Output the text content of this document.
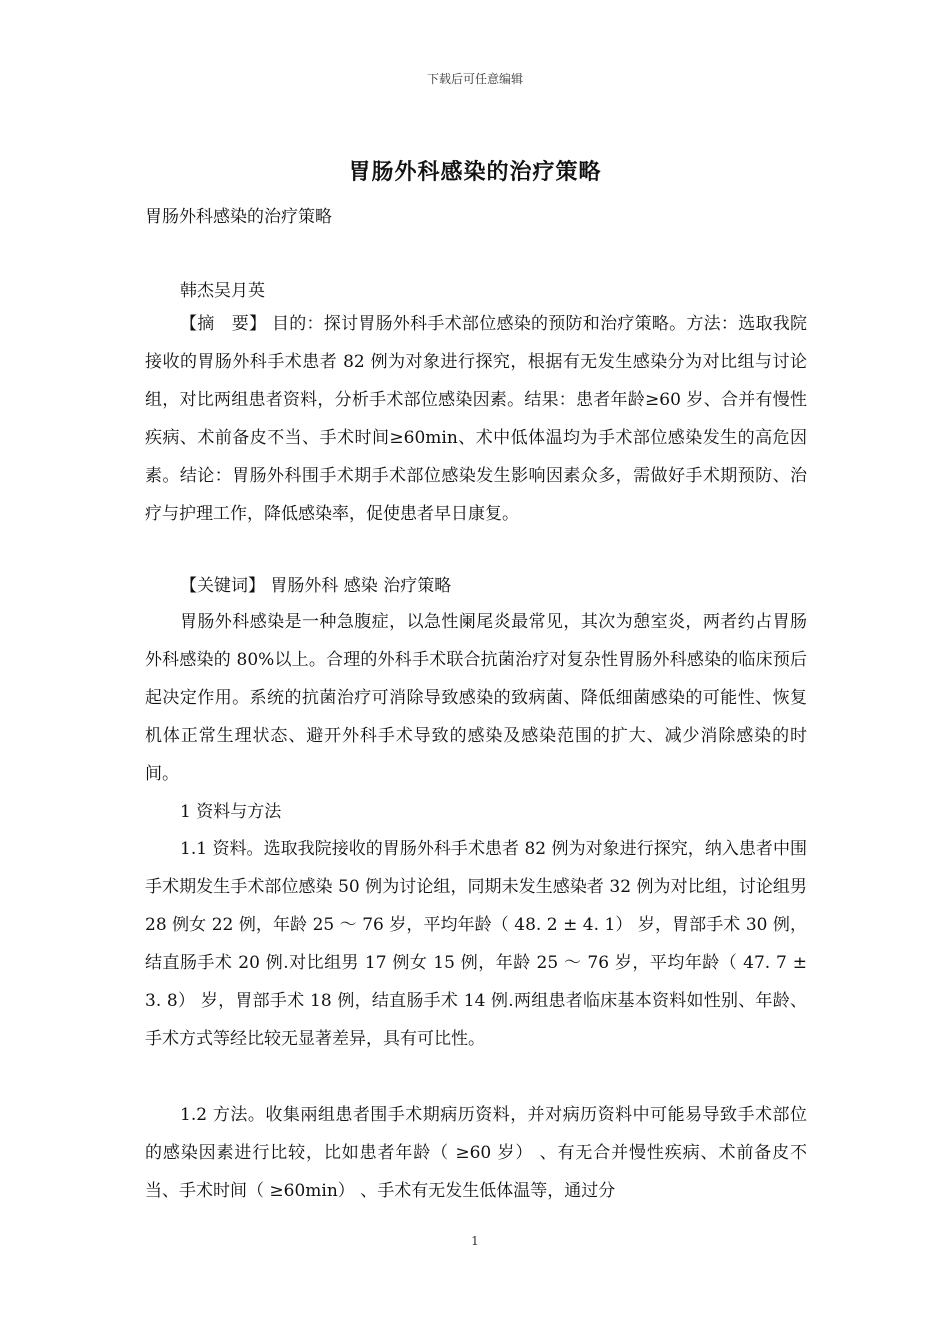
下载后可任意编辑
胃肠外科感染的治疗策略
胃肠外科感染的治疗策略
韩杰吴月英

【摘　要】 目的：探讨胃肠外科手术部位感染的预防和治疗策略。方法：选取我院接收的胃肠外科手术患者 82 例为对象进行探究，根据有无发生感染分为对比组与讨论组，对比两组患者资料，分析手术部位感染因素。结果：患者年龄≥60 岁、合并有慢性疾病、术前备皮不当、手术时间≥60min、术中低体温均为手术部位感染发生的高危因素。结论：胃肠外科围手术期手术部位感染发生影响因素众多，需做好手术期预防、治疗与护理工作，降低感染率，促使患者早日康复。

【关键词】 胃肠外科 感染 治疗策略

胃肠外科感染是一种急腹症，以急性阑尾炎最常见，其次为憩室炎，两者约占胃肠外科感染的 80%以上。合理的外科手术联合抗菌治疗对复杂性胃肠外科感染的临床预后起决定作用。系统的抗菌治疗可消除导致感染的致病菌、降低细菌感染的可能性、恢复机体正常生理状态、避开外科手术导致的感染及感染范围的扩大、减少消除感染的时间。

1 资料与方法

1.1 资料。选取我院接收的胃肠外科手术患者 82 例为对象进行探究，纳入患者中围手术期发生手术部位感染 50 例为讨论组，同期未发生感染者 32 例为对比组，讨论组男 28 例女 22 例，年龄 25 ～ 76 岁，平均年龄（ 48. 2 ± 4. 1） 岁，胃部手术 30 例，结直肠手术 20 例.对比组男 17 例女 15 例，年龄 25 ～ 76 岁，平均年龄（ 47. 7 ± 3. 8） 岁，胃部手术 18 例，结直肠手术 14 例.两组患者临床基本资料如性别、年龄、手术方式等经比较无显著差异，具有可比性。

1.2 方法。收集兩组患者围手术期病历资料，并对病历资料中可能易导致手术部位的感染因素进行比较，比如患者年龄（ ≥60 岁） 、有无合并慢性疾病、术前备皮不当、手术时间（ ≥60min） 、手术有无发生低体温等，通过分

1
